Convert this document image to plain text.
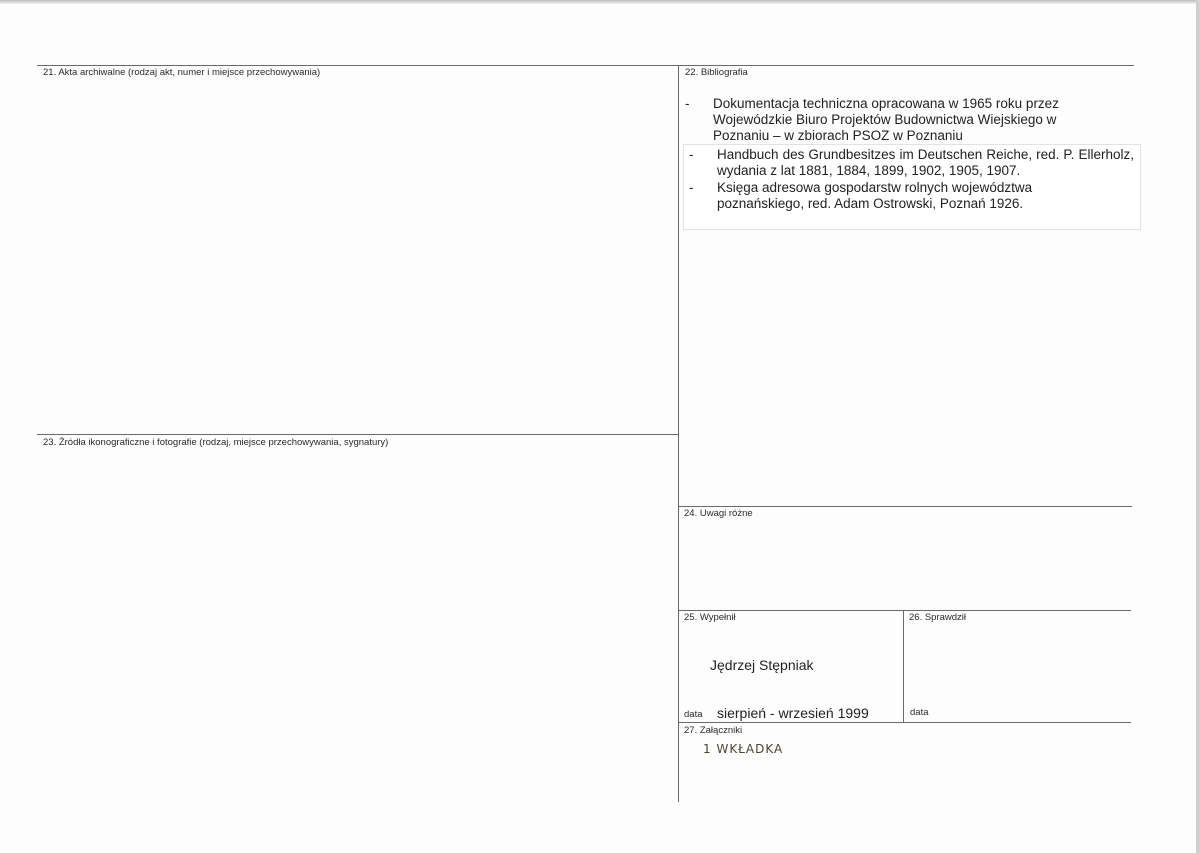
21. Akta archiwalne (rodzaj akt, numer i miejsce przechowywania)	22. Bibliografia
- Dokumentacja techniczna opracowana w 1965 roku przez Wojewódzkie Biuro Projektów Budownictwa Wiejskiego w Poznaniu – w zbiorach PSOZ w Poznaniu
- Handbuch des Grundbesitzes im Deutschen Reiche, red. P. Ellerholz, wydania z lat 1881, 1884, 1899, 1902, 1905, 1907.
- Księga adresowa gospodarstw rolnych województwa poznańskiego, red. Adam Ostrowski, Poznań 1926.
23. Źródła ikonograficzne i fotografie (rodzaj, miejsce przechowywania, sygnatury)
24. Uwagi różne
25. Wypełnił
Jędrzej Stępniak
data sierpień - wrzesień 1999
26. Sprawdził
data
27. Załączniki
1 WKŁADKA
